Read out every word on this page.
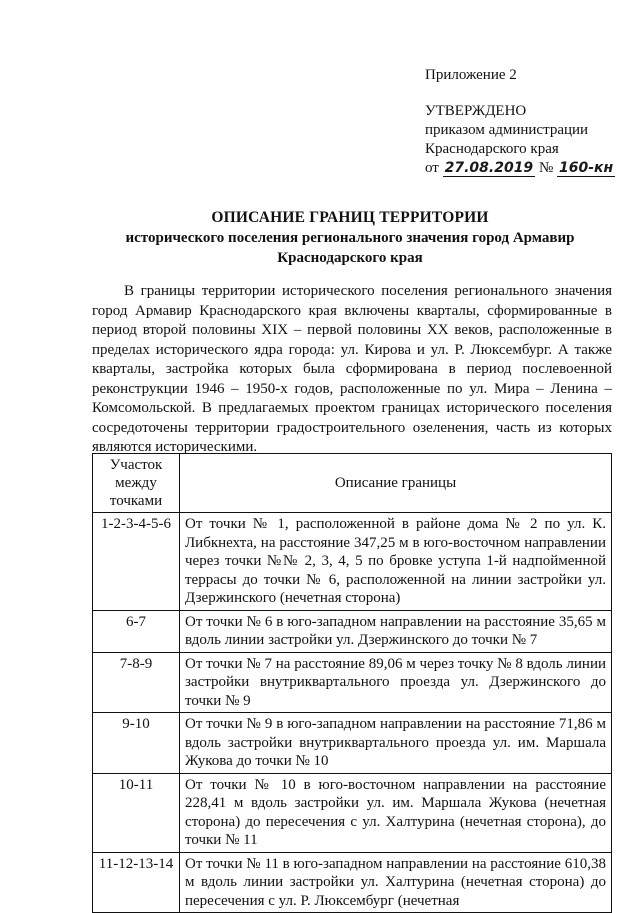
Приложение 2
УТВЕРЖДЕНО
приказом администрации
Краснодарского края
от 27.08.2019 № 160-кн
ОПИСАНИЕ ГРАНИЦ ТЕРРИТОРИИ
исторического поселения регионального значения город Армавир
Краснодарского края

В границы территории исторического поселения регионального значения город Армавир Краснодарского края включены кварталы, сформированные в период второй половины XIX – первой половины XX веков, расположенные в пределах исторического ядра города: ул. Кирова и ул. Р. Люксембург. А также кварталы, застройка которых была сформирована в период послевоенной реконструкции 1946 – 1950-х годов, расположенные по ул. Мира – Ленина – Комсомольской. В предлагаемых проектом границах исторического поселения сосредоточены территории градостроительного озеленения, часть из которых являются историческими.

Участок между точками	Описание границы
1-2-3-4-5-6	От точки № 1, расположенной в районе дома № 2 по ул. К. Либкнехта, на расстояние 347,25 м в юго-восточном направлении через точки №№ 2, 3, 4, 5 по бровке уступа 1-й надпойменной террасы до точки № 6, расположенной на линии застройки ул. Дзержинского (нечетная сторона)
6-7	От точки № 6 в юго-западном направлении на расстояние 35,65 м вдоль линии застройки ул. Дзержинского до точки № 7
7-8-9	От точки № 7 на расстояние 89,06 м через точку № 8 вдоль линии застройки внутриквартального проезда ул. Дзержинского до точки № 9
9-10	От точки № 9 в юго-западном направлении на расстояние 71,86 м вдоль застройки внутриквартального проезда ул. им. Маршала Жукова до точки № 10
10-11	От точки № 10 в юго-восточном направлении на расстояние 228,41 м вдоль застройки ул. им. Маршала Жукова (нечетная сторона) до пересечения с ул. Халтурина (нечетная сторона), до точки № 11
11-12-13-14	От точки № 11 в юго-западном направлении на расстояние 610,38 м вдоль линии застройки ул. Халтурина (нечетная сторона) до пересечения с ул. Р. Люксембург (нечетная
